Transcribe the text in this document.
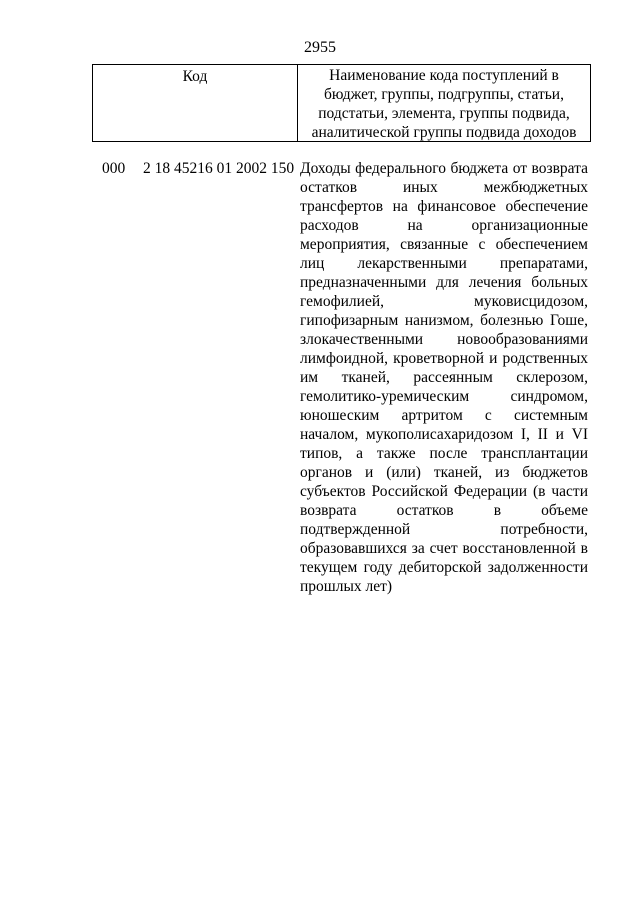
2955
Код	Наименование кода поступлений в бюджет, группы, подгруппы, статьи, подстатьи, элемента, группы подвида, аналитической группы подвида доходов
000 2 18 45216 01 2002 150 Доходы федерального бюджета от возврата остатков иных межбюджетных трансфертов на финансовое обеспечение расходов на организационные мероприятия, связанные с обеспечением лиц лекарственными препаратами, предназначенными для лечения больных гемофилией, муковисцидозом, гипофизарным нанизмом, болезнью Гоше, злокачественными новообразованиями лимфоидной, кроветворной и родственных им тканей, рассеянным склерозом, гемолитико-уремическим синдромом, юношеским артритом с системным началом, мукополисахаридозом I, II и VI типов, а также после трансплантации органов и (или) тканей, из бюджетов субъектов Российской Федерации (в части возврата остатков в объеме подтвержденной потребности, образовавшихся за счет восстановленной в текущем году дебиторской задолженности прошлых лет)
